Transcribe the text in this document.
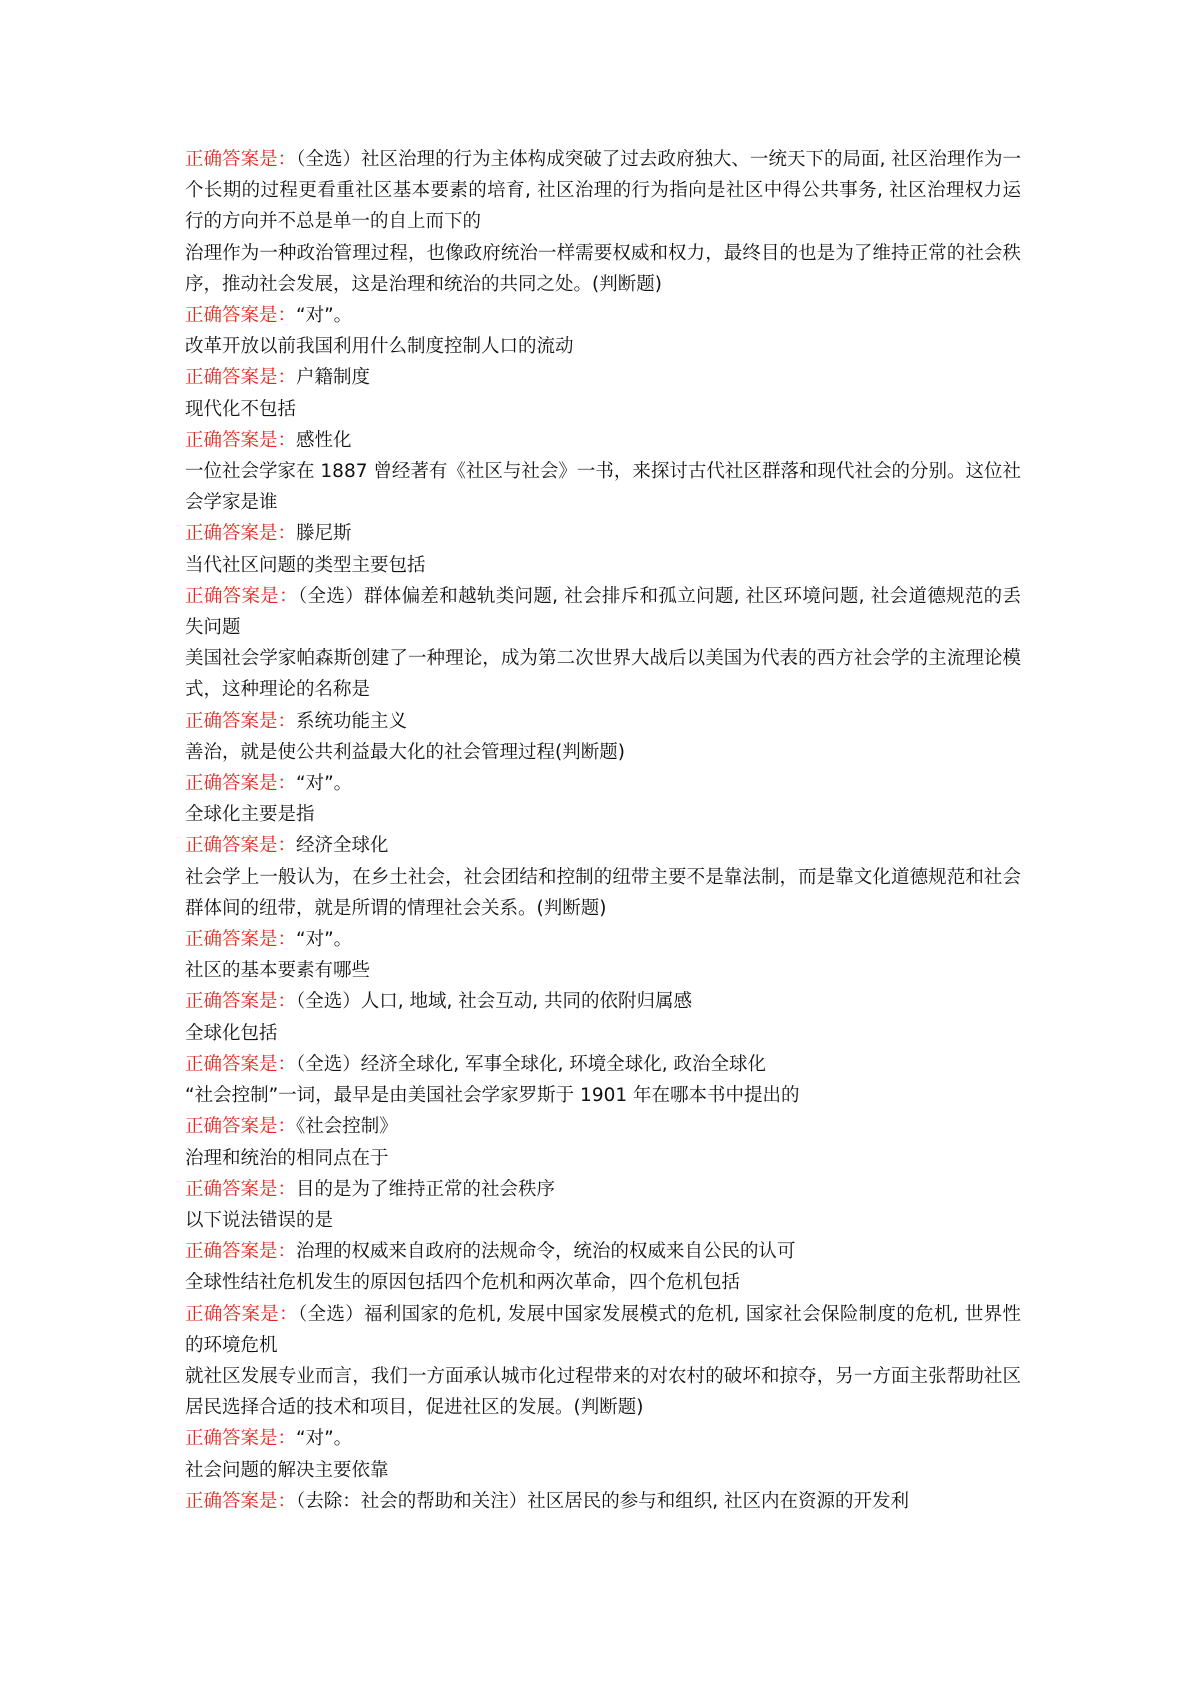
正确答案是：（全选）社区治理的行为主体构成突破了过去政府独大、一统天下的局面, 社区治理作为一个长期的过程更看重社区基本要素的培育, 社区治理的行为指向是社区中得公共事务, 社区治理权力运行的方向并不总是单一的自上而下的

治理作为一种政治管理过程，也像政府统治一样需要权威和权力，最终目的也是为了维持正常的社会秩序，推动社会发展，这是治理和统治的共同之处。(判断题)

正确答案是：“对”。

改革开放以前我国利用什么制度控制人口的流动

正确答案是：户籍制度

现代化不包括

正确答案是：感性化

一位社会学家在 1887 曾经著有《社区与社会》一书，来探讨古代社区群落和现代社会的分别。这位社会学家是谁

正确答案是：滕尼斯

当代社区问题的类型主要包括

正确答案是：（全选）群体偏差和越轨类问题, 社会排斥和孤立问题, 社区环境问题, 社会道德规范的丢失问题

美国社会学家帕森斯创建了一种理论，成为第二次世界大战后以美国为代表的西方社会学的主流理论模式，这种理论的名称是

正确答案是：系统功能主义

善治，就是使公共利益最大化的社会管理过程(判断题)

正确答案是：“对”。

全球化主要是指

正确答案是：经济全球化

社会学上一般认为，在乡土社会，社会团结和控制的纽带主要不是靠法制，而是靠文化道德规范和社会群体间的纽带，就是所谓的情理社会关系。(判断题)

正确答案是：“对”。

社区的基本要素有哪些

正确答案是：（全选）人口, 地域, 社会互动, 共同的依附归属感

全球化包括

正确答案是：（全选）经济全球化, 军事全球化, 环境全球化, 政治全球化

“社会控制”一词，最早是由美国社会学家罗斯于 1901 年在哪本书中提出的

正确答案是：《社会控制》

治理和统治的相同点在于

正确答案是：目的是为了维持正常的社会秩序

以下说法错误的是

正确答案是：治理的权威来自政府的法规命令，统治的权威来自公民的认可

全球性结社危机发生的原因包括四个危机和两次革命，四个危机包括

正确答案是：（全选）福利国家的危机, 发展中国家发展模式的危机, 国家社会保险制度的危机, 世界性的环境危机

就社区发展专业而言，我们一方面承认城市化过程带来的对农村的破坏和掠夺，另一方面主张帮助社区居民选择合适的技术和项目，促进社区的发展。(判断题)

正确答案是：“对”。

社会问题的解决主要依靠

正确答案是：（去除：社会的帮助和关注）社区居民的参与和组织, 社区内在资源的开发利
